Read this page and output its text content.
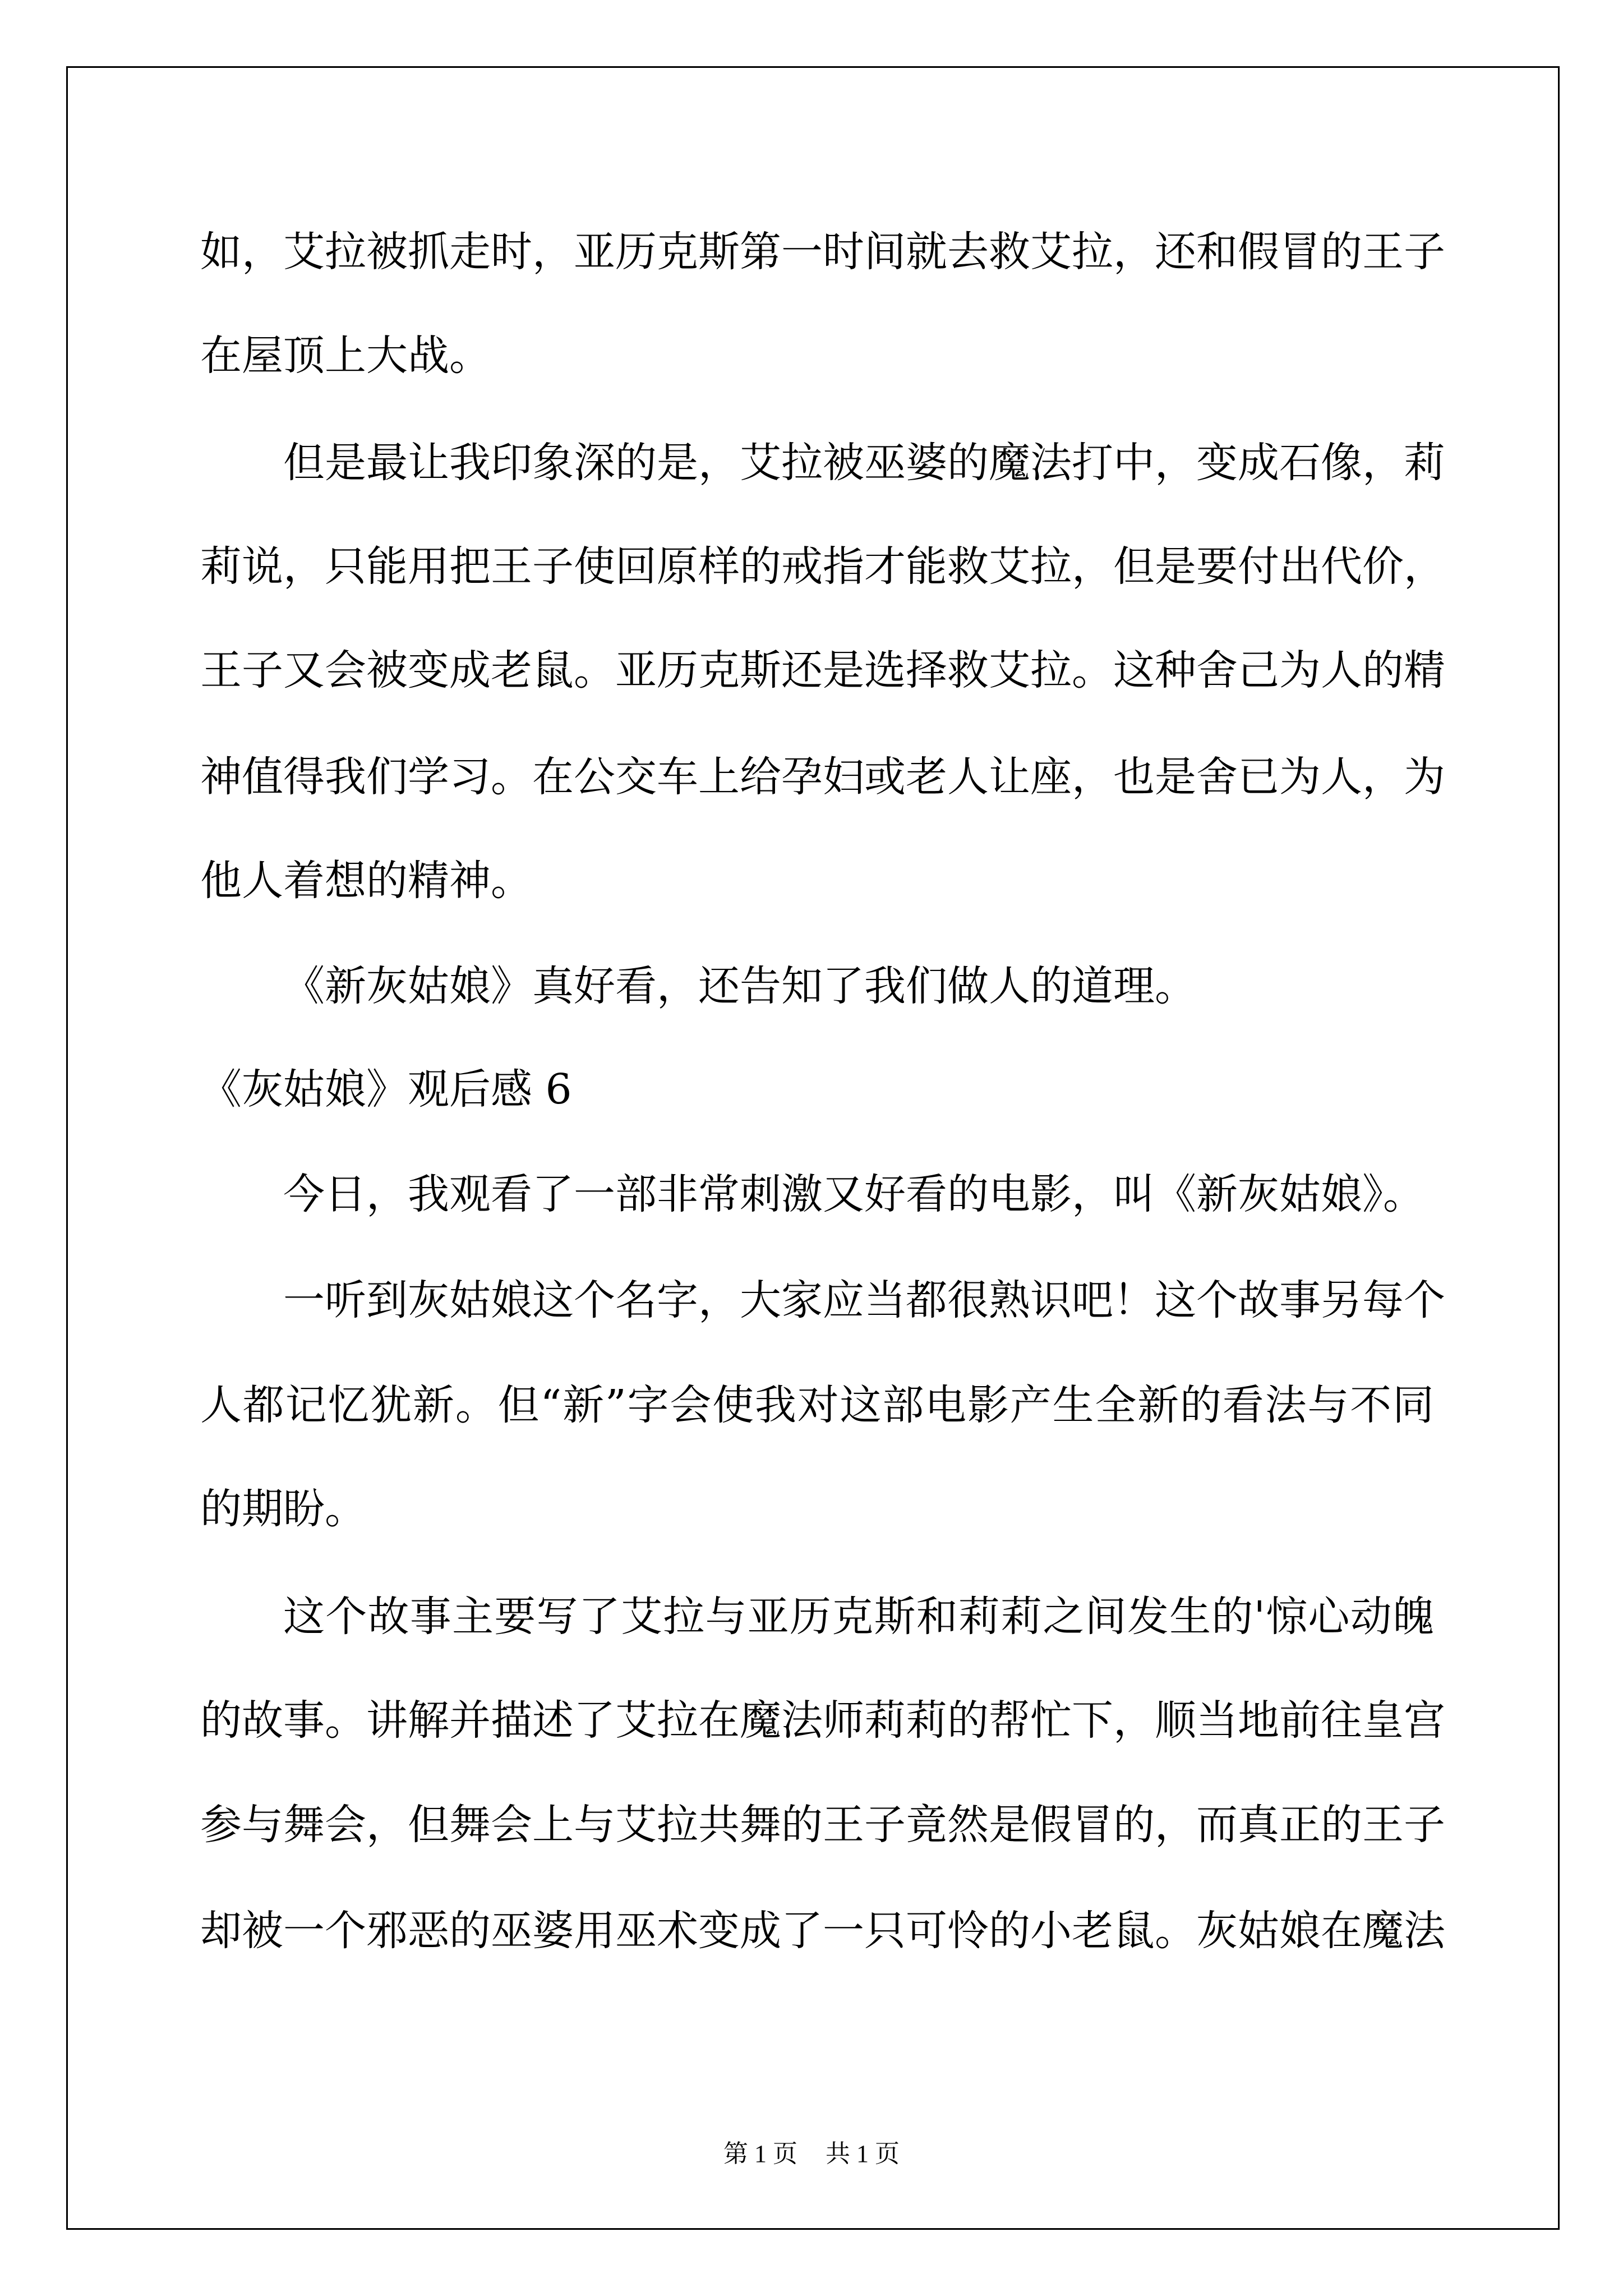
如，艾拉被抓走时，亚历克斯第一时间就去救艾拉，还和假冒的王子
在屋顶上大战。
但是最让我印象深的是，艾拉被巫婆的魔法打中，变成石像，莉
莉说，只能用把王子使回原样的戒指才能救艾拉，但是要付出代价，
王子又会被变成老鼠。亚历克斯还是选择救艾拉。这种舍己为人的精
神值得我们学习。在公交车上给孕妇或老人让座，也是舍已为人，为
他人着想的精神。
《新灰姑娘》真好看，还告知了我们做人的道理。
《灰姑娘》观后感 6
今日，我观看了一部非常刺激又好看的电影，叫《新灰姑娘》。
一听到灰姑娘这个名字，大家应当都很熟识吧！这个故事另每个
人都记忆犹新。但“新”字会使我对这部电影产生全新的看法与不同
的期盼。
这个故事主要写了艾拉与亚历克斯和莉莉之间发生的'惊心动魄
的故事。讲解并描述了艾拉在魔法师莉莉的帮忙下，顺当地前往皇宫
参与舞会，但舞会上与艾拉共舞的王子竟然是假冒的，而真正的王子
却被一个邪恶的巫婆用巫术变成了一只可怜的小老鼠。灰姑娘在魔法
第 1 页 共 1 页
